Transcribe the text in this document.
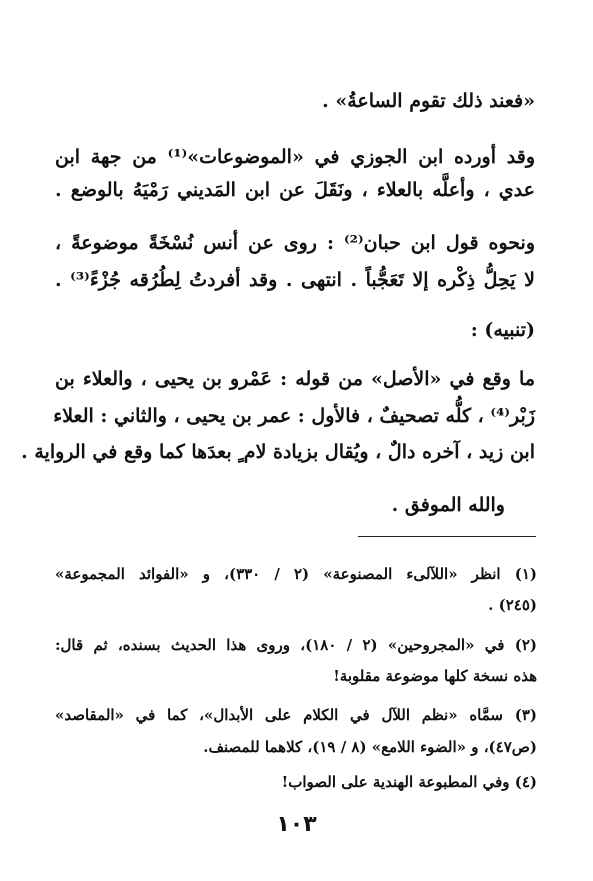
«فعند ذلك تقوم الساعةُ» .
وقد أورده ابن الجوزي في «الموضوعات»⁽¹⁾ من جهة ابن
عدي ، وأعلَّه بالعلاء ، ونَقَلَ عن ابن المَديني رَمْيَهُ بالوضع .
ونحوه قول ابن حبان⁽²⁾ : روى عن أنس نُسْخَةً موضوعةً ،
لا يَحِلُّ ذِكْره إلا تَعَجُّباً . انتهى . وقد أفردتُ لِطُرُقه جُزْءً⁽³⁾ .
(تنبيه) :
ما وقع في «الأصل» من قوله : عَمْرو بن يحيى ، والعلاء بن
زَبْر⁽⁴⁾ ، كلُّه تصحيفٌ ، فالأول : عمر بن يحيى ، والثاني : العلاء
ابن زيد ، آخره دالٌ ، ويُقال بزيادة لام ٍ بعدَها كما وقع في الرواية .
والله الموفق .
(١) انظر «اللآلىء المصنوعة» (٢ / ٣٣٠)، و «الفوائد المجموعة»
(٢٤٥) .
(٢) في «المجروحين» (٢ / ١٨٠)، وروى هذا الحديث بسنده، ثم قال:
هذه نسخة كلها موضوعة مقلوبة!
(٣) سمَّاه «نظم اللآل في الكلام على الأبدال»، كما في «المقاصد»
(ص٤٧)، و «الضوء اللامع» (٨ / ١٩)، كلاهما للمصنف.
(٤) وفي المطبوعة الهندية على الصواب!
١٠٣
